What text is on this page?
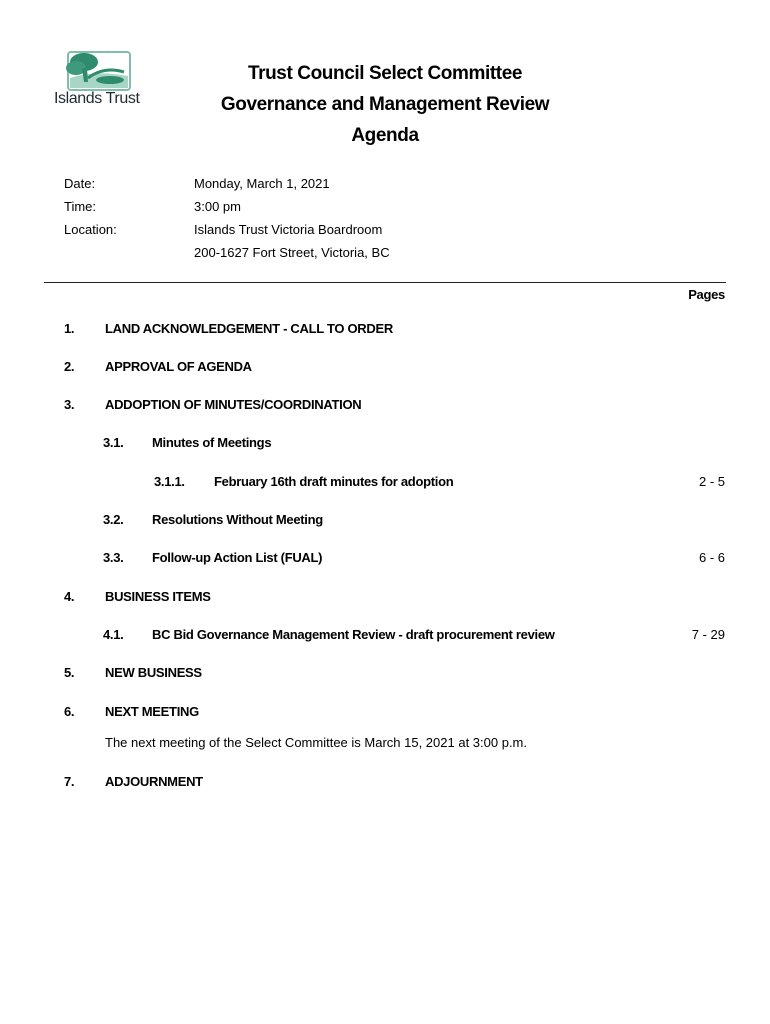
Islands Trust
Trust Council Select Committee
Governance and Management Review
Agenda
Date:	Monday, March 1, 2021
Time:	3:00 pm
Location:	Islands Trust Victoria Boardroom
200-1627 Fort Street, Victoria, BC
Pages
1. LAND ACKNOWLEDGEMENT - CALL TO ORDER
2. APPROVAL OF AGENDA
3. ADDOPTION OF MINUTES/COORDINATION
3.1. Minutes of Meetings
3.1.1. February 16th draft minutes for adoption	2 - 5
3.2. Resolutions Without Meeting
3.3. Follow-up Action List (FUAL)	6 - 6
4. BUSINESS ITEMS
4.1. BC Bid Governance Management Review - draft procurement review	7 - 29
5. NEW BUSINESS
6. NEXT MEETING
The next meeting of the Select Committee is March 15, 2021 at 3:00 p.m.
7. ADJOURNMENT
